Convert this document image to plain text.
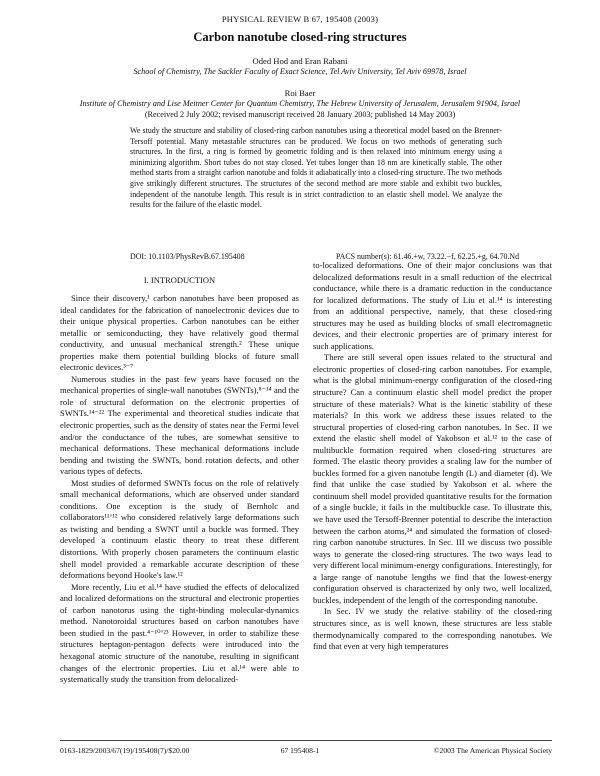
PHYSICAL REVIEW B 67, 195408 (2003)
Carbon nanotube closed-ring structures
Oded Hod and Eran Rabani
School of Chemistry, The Sackler Faculty of Exact Science, Tel Aviv University, Tel Aviv 69978, Israel
Roi Baer
Institute of Chemistry and Lise Meitner Center for Quantum Chemistry, The Hebrew University of Jerusalem, Jerusalem 91904, Israel
(Received 2 July 2002; revised manuscript received 28 January 2003; published 14 May 2003)
We study the structure and stability of closed-ring carbon nanotubes using a theoretical model based on the Brenner-Tersoff potential. Many metastable structures can be produced. We focus on two methods of generating such structures. In the first, a ring is formed by geometric folding and is then relaxed into minimum energy using a minimizing algorithm. Short tubes do not stay closed. Yet tubes longer than 18 nm are kinetically stable. The other method starts from a straight carbon nanotube and folds it adiabatically into a closed-ring structure. The two methods give strikingly different structures. The structures of the second method are more stable and exhibit two buckles, independent of the nanotube length. This result is in strict contradiction to an elastic shell model. We analyze the results for the failure of the elastic model.
DOI: 10.1103/PhysRevB.67.195408	PACS number(s): 61.46.+w, 73.22.−f, 62.25.+g, 64.70.Nd
I. INTRODUCTION

Since their discovery,¹ carbon nanotubes have been proposed as ideal candidates for the fabrication of nanoelectronic devices due to their unique physical properties. Carbon nanotubes can be either metallic or semiconducting, they have relatively good thermal conductivity, and unusual mechanical strength.² These unique properties make them potential building blocks of future small electronic devices.³⁻⁷

Numerous studies in the past few years have focused on the mechanical properties of single-wall nanotubes (SWNTs),⁸⁻¹⁴ and the role of structural deformation on the electronic properties of SWNTs.¹⁴⁻²² The experimental and theoretical studies indicate that electronic properties, such as the density of states near the Fermi level and/or the conductance of the tubes, are somewhat sensitive to mechanical deformations. These mechanical deformations include bending and twisting the SWNTs, bond rotation defects, and other various types of defects.

Most studies of deformed SWNTs focus on the role of relatively small mechanical deformations, which are observed under standard conditions. One exception is the study of Bernholc and collaborators¹¹ʼ¹² who considered relatively large deformations such as twisting and bending a SWNT until a buckle was formed. They developed a continuum elastic theory to treat these different distortions. With properly chosen parameters the continuum elastic shell model provided a remarkable accurate description of these deformations beyond Hooke's law.¹²

More recently, Liu et al.¹⁴ have studied the effects of delocalized and localized deformations on the structural and electronic properties of carbon nanotorus using the tight-binding molecular-dynamics method. Nanotoroidal structures based on carbon nanotubes have been studied in the past.⁴⁻¹⁰ʼ²³ However, in order to stabilize these structures heptagon-pentagon defects were introduced into the hexagonal atomic structure of the nanotube, resulting in significant changes of the electronic properties. Liu et al.¹⁴ were able to systematically study the transition from delocalized-

to-localized deformations. One of their major conclusions was that delocalized deformations result in a small reduction of the electrical conductance, while there is a dramatic reduction in the conductance for localized deformations. The study of Liu et al.¹⁴ is interesting from an additional perspective, namely, that these closed-ring structures may be used as building blocks of small electromagnetic devices, and their electronic properties are of primary interest for such applications.

There are still several open issues related to the structural and electronic properties of closed-ring carbon nanotubes. For example, what is the global minimum-energy configuration of the closed-ring structure? Can a continuum elastic shell model predict the proper structure of these materials? What is the kinetic stability of these materials? In this work we address these issues related to the structural properties of closed-ring carbon nanotubes. In Sec. II we extend the elastic shell model of Yakobson et al.¹² to the case of multibuckle formation required when closed-ring structures are formed. The elastic theory provides a scaling law for the number of buckles formed for a given nanotube length (L) and diameter (d). We find that unlike the case studied by Yakobson et al. where the continuum shell model provided quantitative results for the formation of a single buckle, it fails in the multibuckle case. To illustrate this, we have used the Tersoff-Brenner potential to describe the interaction between the carbon atoms,²⁴ and simulated the formation of closed-ring carbon nanotube structures. In Sec. III we discuss two possible ways to generate the closed-ring structures. The two ways lead to very different local minimum-energy configurations. Interestingly, for a large range of nanotube lengths we find that the lowest-energy configuration observed is characterized by only two, well localized, buckles, independent of the length of the corresponding nanotube.

In Sec. IV we study the relative stability of the closed-ring structures since, as is well known, these structures are less stable thermodynamically compared to the corresponding nanotubes. We find that even at very high temperatures

0163-1829/2003/67(19)/195408(7)/$20.00	67 195408-1	©2003 The American Physical Society
